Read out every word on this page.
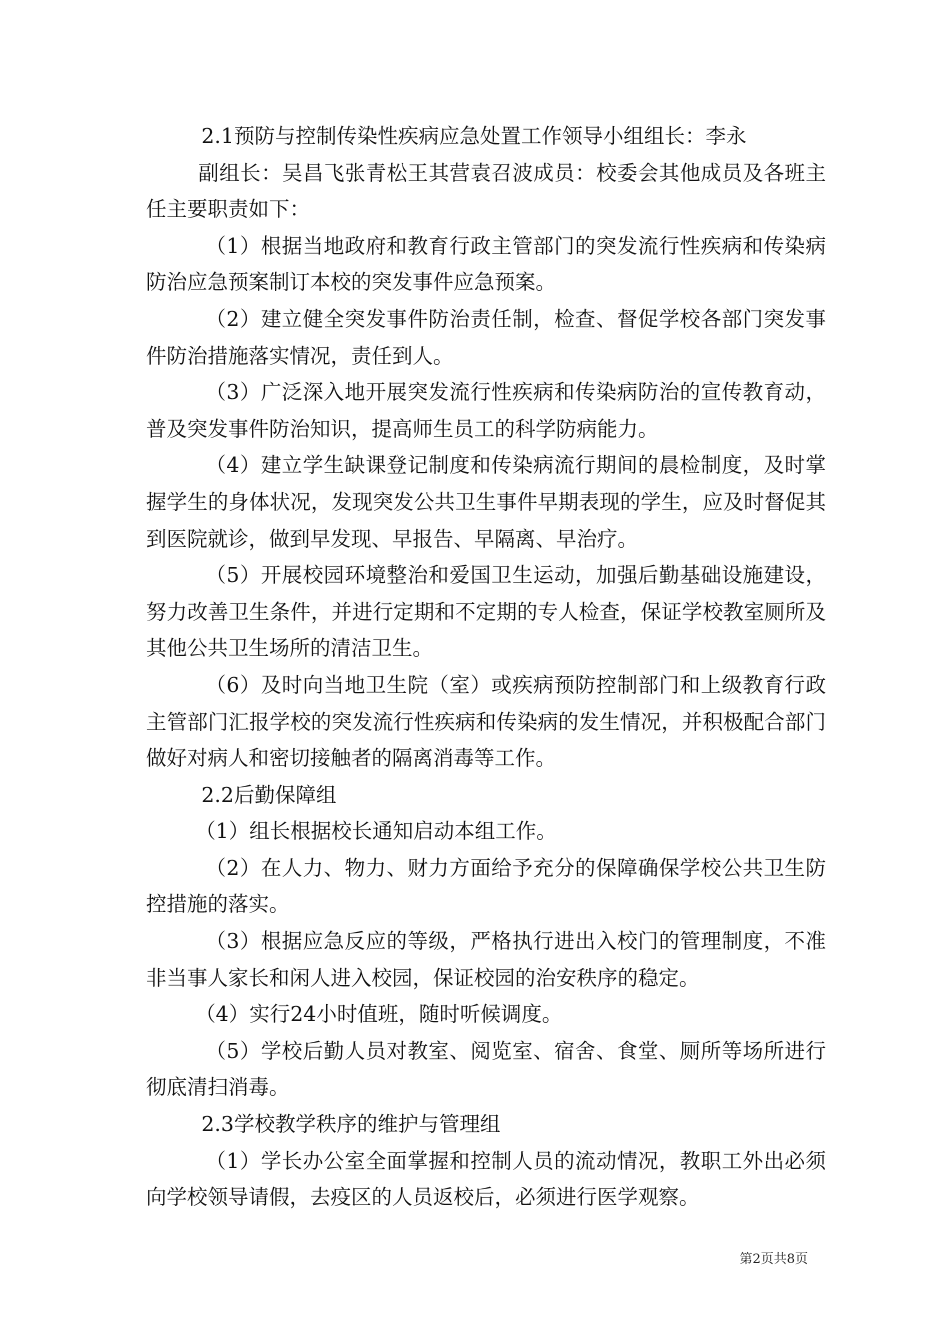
2.1预防与控制传染性疾病应急处置工作领导小组组长：李永

副组长：吴昌飞张青松王其营袁召波成员：校委会其他成员及各班主任主要职责如下：

（1）根据当地政府和教育行政主管部门的突发流行性疾病和传染病防治应急预案制订本校的突发事件应急预案。

（2）建立健全突发事件防治责任制，检查、督促学校各部门突发事件防治措施落实情况，责任到人。

（3）广泛深入地开展突发流行性疾病和传染病防治的宣传教育动，普及突发事件防治知识，提高师生员工的科学防病能力。

（4）建立学生缺课登记制度和传染病流行期间的晨检制度，及时掌握学生的身体状况，发现突发公共卫生事件早期表现的学生，应及时督促其到医院就诊，做到早发现、早报告、早隔离、早治疗。

（5）开展校园环境整治和爱国卫生运动，加强后勤基础设施建设，努力改善卫生条件，并进行定期和不定期的专人检查，保证学校教室厕所及其他公共卫生场所的清洁卫生。

（6）及时向当地卫生院（室）或疾病预防控制部门和上级教育行政主管部门汇报学校的突发流行性疾病和传染病的发生情况，并积极配合部门做好对病人和密切接触者的隔离消毒等工作。

2.2后勤保障组

（1）组长根据校长通知启动本组工作。

（2）在人力、物力、财力方面给予充分的保障确保学校公共卫生防控措施的落实。

（3）根据应急反应的等级，严格执行进出入校门的管理制度，不准非当事人家长和闲人进入校园，保证校园的治安秩序的稳定。

（4）实行24小时值班，随时听候调度。

（5）学校后勤人员对教室、阅览室、宿舍、食堂、厕所等场所进行彻底清扫消毒。

2.3学校教学秩序的维护与管理组

（1）学长办公室全面掌握和控制人员的流动情况，教职工外出必须向学校领导请假，去疫区的人员返校后，必须进行医学观察。

第2页共8页
